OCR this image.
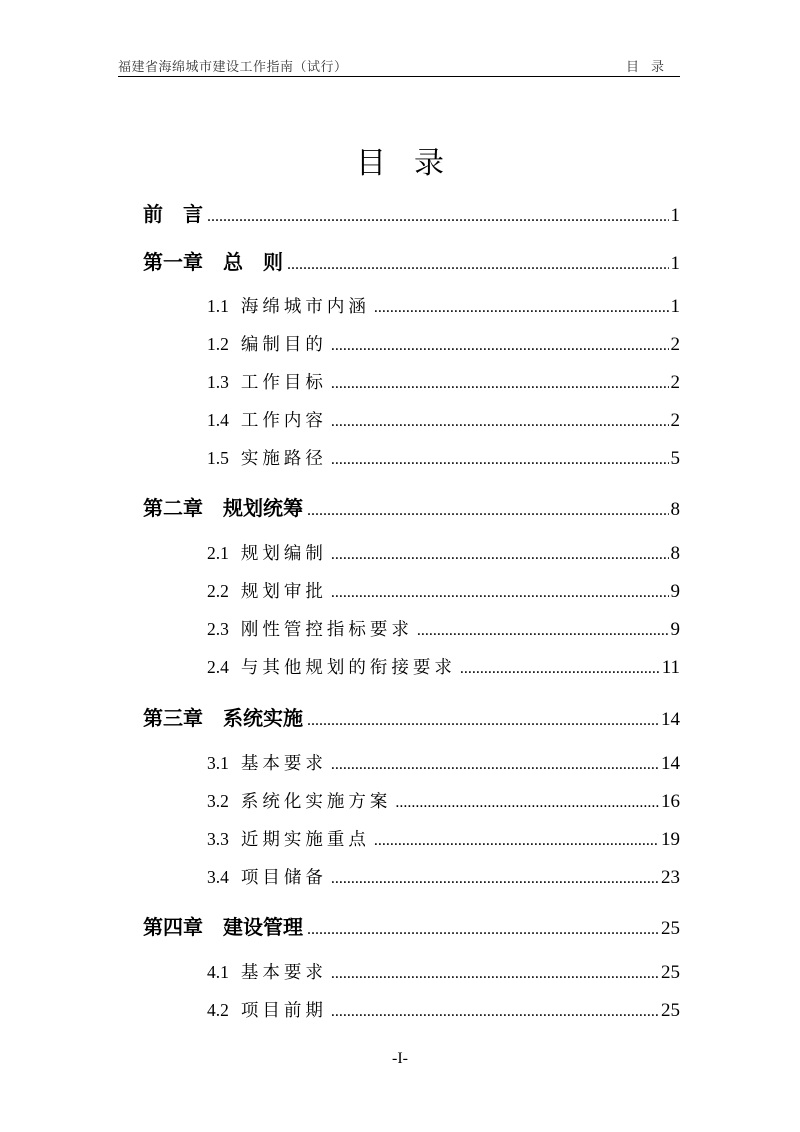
福建省海绵城市建设工作指南（试行）	目录
目录
前　言 .....	1
第一章　总　则 .....	1
1.1 海绵城市内涵 .....	1
1.2 编制目的 .....	2
1.3 工作目标 .....	2
1.4 工作内容 .....	2
1.5 实施路径 .....	5
第二章　规划统筹 .....	8
2.1 规划编制 .....	8
2.2 规划审批 .....	9
2.3 刚性管控指标要求 .....	9
2.4 与其他规划的衔接要求 .....	11
第三章　系统实施 .....	14
3.1 基本要求 .....	14
3.2 系统化实施方案 .....	16
3.3 近期实施重点 .....	19
3.4 项目储备 .....	23
第四章　建设管理 .....	25
4.1 基本要求 .....	25
4.2 项目前期 .....	25
-I-
